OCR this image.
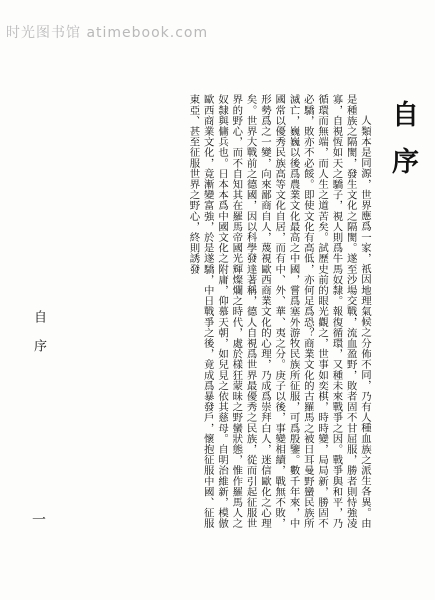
时光图书馆 atimebook.com
自序

人類本是同源，世界應爲一家，祇因地理氣候之分佈不同，乃有人種血族之派生各異。由是種族之隔閡，發生文化之隔閡。遂至沙場交戰，流血盈野，敗者固不甘屈服，勝者則恃強凌寡，自視恆如天之驕子，視人則爲牛馬奴隸。報復循環，又種未來戰爭之因。戰爭與和平，乃循環而無端，而人生之道苦矣。試歷史前的眼光觀之，世事如奕棋，時時變，局局新，勝固不必驕，敗亦不必餒。即使文化有高低，亦何足爲恐？商業文化的古羅馬之被日耳曼野蠻民族所滅亡，巍巍以後爲農業文化最高之中國，嘗爲塞外游牧民族所征服，可爲殷鑒。數千年來，中國常以優秀民族高等文化自居，而有中、外、華、夷之分。庚子以後，事變相續，戰無不敗，形勢爲之一變，向來鄙商自人，蔑視歐西商業文化的心理，乃成爲崇拜白人，迷信歐化之心理矣。世界大戰前之德國，因以科學發達著稱，德人自視爲世界最優秀之民族，從而引起征服世界的野心，而不自知其在羅馬帝國光輝燦爛之時代，處於樣狂蒙昧之野蠻狀態，惟作羅馬人之奴隸與傭兵也。日本本爲中國文化之附庸，仰慕天朝，如兒見之依其慈母。自明治維新，模倣歐西商業文化，竟漸變富強，於是遂驕，中日戰爭之後，竟成爲暴發戶，懷抱征服中國、征服東亞、甚至征服世界之野心，終則誘發

自 序
一
